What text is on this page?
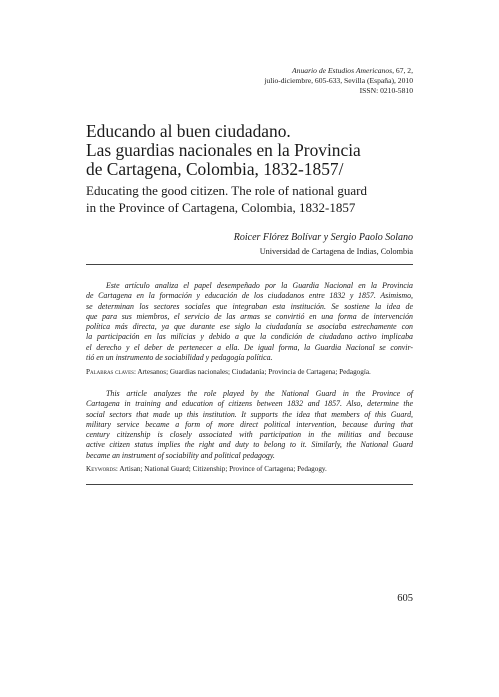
Anuario de Estudios Americanos, 67, 2,
julio-diciembre, 605-633, Sevilla (España), 2010
ISSN: 0210-5810
Educando al buen ciudadano.
Las guardias nacionales en la Provincia
de Cartagena, Colombia, 1832-1857/
Educating the good citizen. The role of national guard
in the Province of Cartagena, Colombia, 1832-1857
Roicer Flórez Bolívar y Sergio Paolo Solano
Universidad de Cartagena de Indias, Colombia
Este artículo analiza el papel desempeñado por la Guardia Nacional en la Provincia
de Cartagena en la formación y educación de los ciudadanos entre 1832 y 1857. Asimismo,
se determinan los sectores sociales que integraban esta institución. Se sostiene la idea de
que para sus miembros, el servicio de las armas se convirtió en una forma de intervención
política más directa, ya que durante ese siglo la ciudadanía se asociaba estrechamente con
la participación en las milicias y debido a que la condición de ciudadano activo implicaba
el derecho y el deber de pertenecer a ella. De igual forma, la Guardia Nacional se convir-
tió en un instrumento de sociabilidad y pedagogía política.
Palabras claves: Artesanos; Guardias nacionales; Ciudadanía; Provincia de Cartagena; Pedagogía.
This article analyzes the role played by the National Guard in the Province of
Cartagena in training and education of citizens between 1832 and 1857. Also, determine the
social sectors that made up this institution. It supports the idea that members of this Guard,
military service became a form of more direct political intervention, because during that
century citizenship is closely associated with participation in the militias and because
active citizen status implies the right and duty to belong to it. Similarly, the National Guard
became an instrument of sociability and political pedagogy.
Keywords: Artisan; National Guard; Citizenship; Province of Cartagena; Pedagogy.
605
